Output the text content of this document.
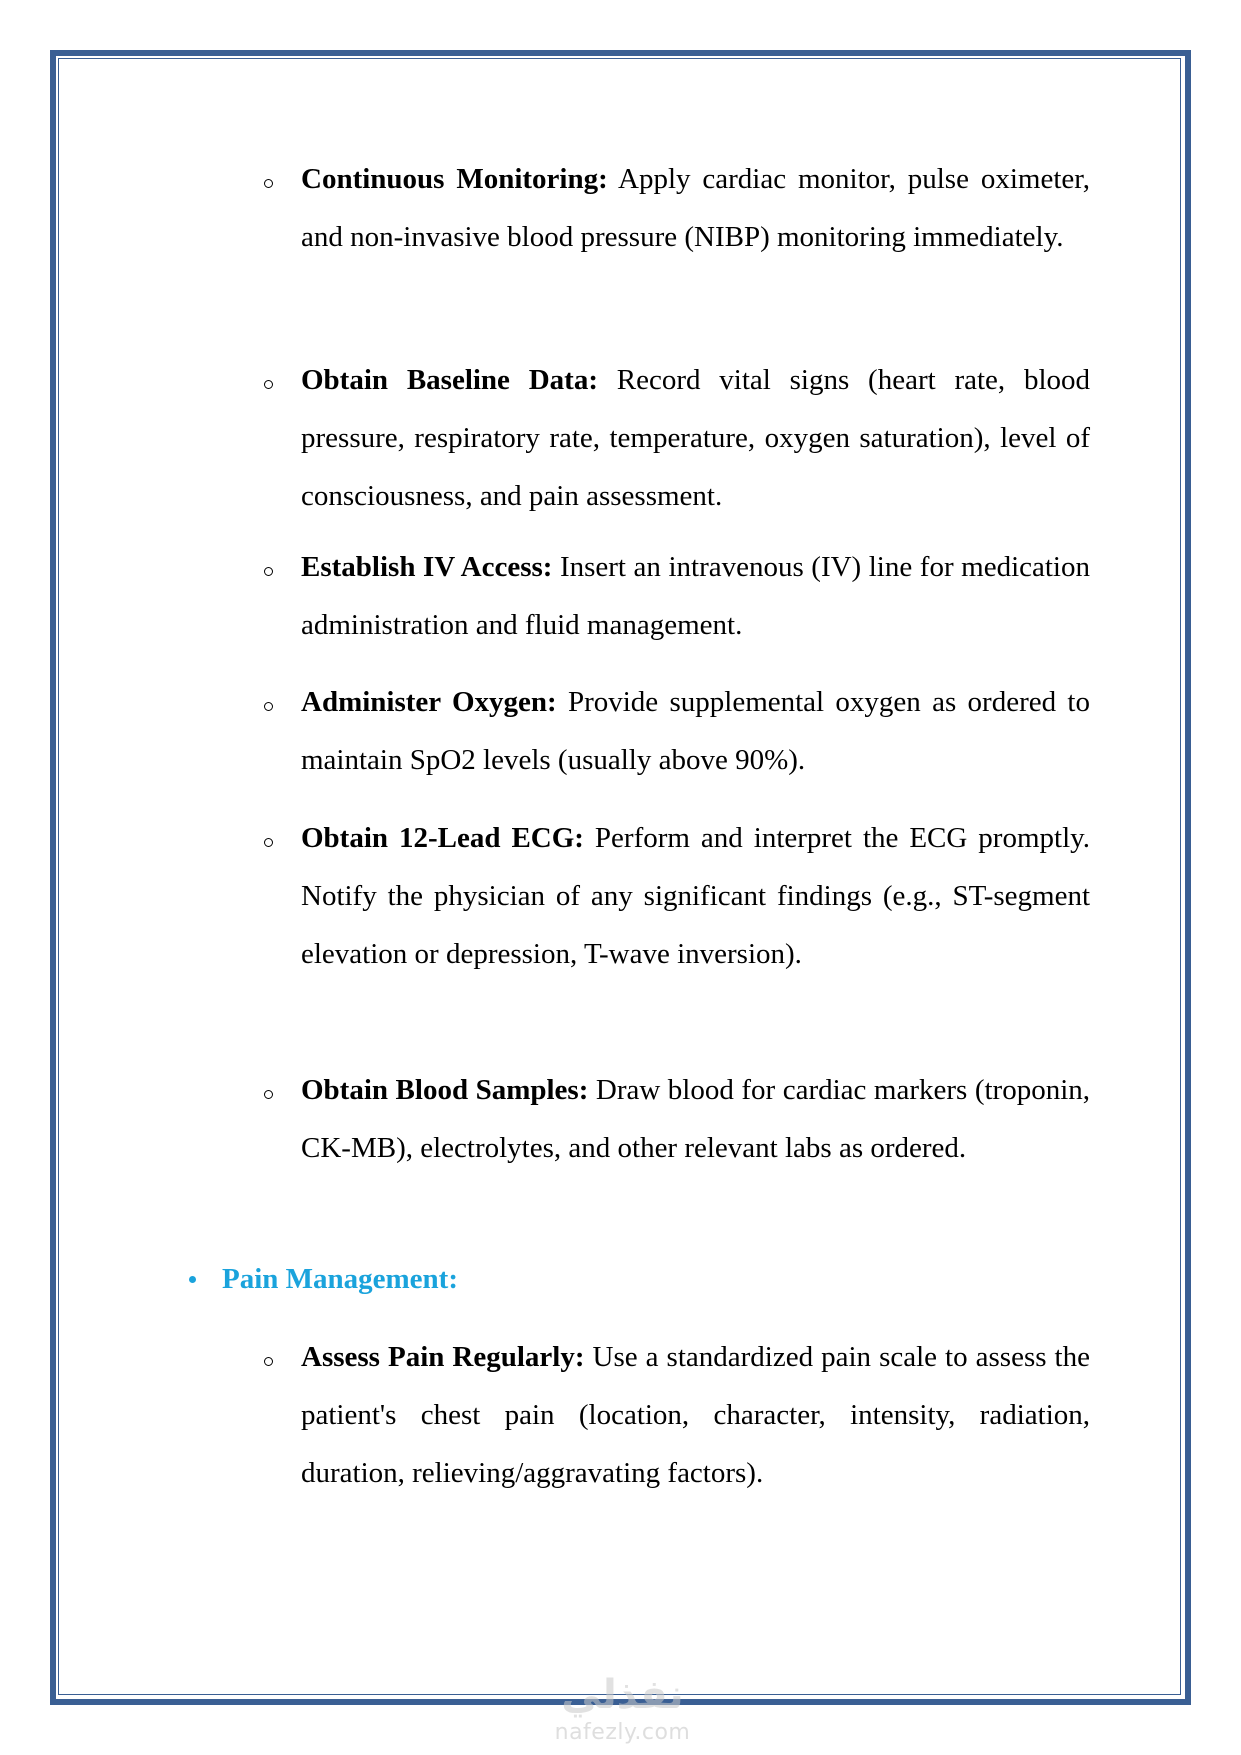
Continuous Monitoring: Apply cardiac monitor, pulse oximeter, and non-invasive blood pressure (NIBP) monitoring immediately.
Obtain Baseline Data: Record vital signs (heart rate, blood pressure, respiratory rate, temperature, oxygen saturation), level of consciousness, and pain assessment.
Establish IV Access: Insert an intravenous (IV) line for medication administration and fluid management.
Administer Oxygen: Provide supplemental oxygen as ordered to maintain SpO2 levels (usually above 90%).
Obtain 12-Lead ECG: Perform and interpret the ECG promptly. Notify the physician of any significant findings (e.g., ST-segment elevation or depression, T-wave inversion).
Obtain Blood Samples: Draw blood for cardiac markers (troponin, CK-MB), electrolytes, and other relevant labs as ordered.
Pain Management:
Assess Pain Regularly: Use a standardized pain scale to assess the patient's chest pain (location, character, intensity, radiation, duration, relieving/aggravating factors).
نفذلي
nafezly.com
